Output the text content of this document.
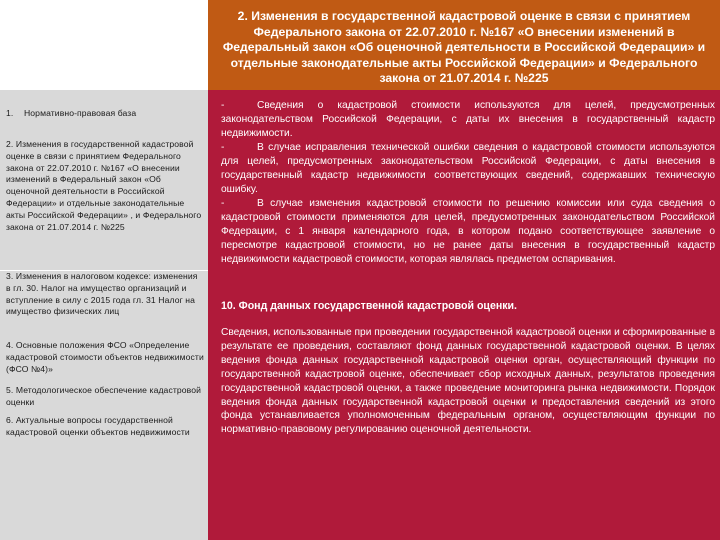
2. Изменения в государственной кадастровой оценке в связи с принятием Федерального закона от 22.07.2010 г. №167 «О внесении изменений в Федеральный закон «Об оценочной деятельности в Российской Федерации» и отдельные законодательные акты Российской Федерации» и Федерального закона от 21.07.2014 г. №225
1. Нормативно-правовая база
2. Изменения в государственной кадастровой оценке в связи с принятием Федерального закона от 22.07.2010 г. №167 «О внесении изменений в Федеральный закон «Об оценочной деятельности в Российской Федерации» и отдельные законодательные акты Российской Федерации» , и Федерального закона от 21.07.2014 г. №225
3. Изменения в налоговом кодексе: изменения в гл. 30. Налог на имущество организаций и вступление в силу с 2015 года гл. 31 Налог на имущество физических лиц
4. Основные положения ФСО «Определение кадастровой стоимости объектов недвижимости (ФСО №4)»
5. Методологическое обеспечение кадастровой оценки
6. Актуальные вопросы государственной кадастровой оценки объектов недвижимости
-	Сведения о кадастровой стоимости используются для целей, предусмотренных законодательством Российской Федерации, с даты их внесения в государственный кадастр недвижимости.
-	В случае исправления технической ошибки сведения о кадастровой стоимости используются для целей, предусмотренных законодательством Российской Федерации, с даты внесения в государственный кадастр недвижимости соответствующих сведений, содержавших техническую ошибку.
-	В случае изменения кадастровой стоимости по решению комиссии или суда сведения о кадастровой стоимости применяются для целей, предусмотренных законодательством Российской Федерации, с 1 января календарного года, в котором подано соответствующее заявление о пересмотре кадастровой стоимости, но не ранее даты внесения в государственный кадастр недвижимости кадастровой стоимости, которая являлась предметом оспаривания.
10. Фонд данных государственной кадастровой оценки.
Сведения, использованные при проведении государственной кадастровой оценки и сформированные в результате ее проведения, составляют фонд данных государственной кадастровой оценки. В целях ведения фонда данных государственной кадастровой оценки орган, осуществляющий функции по государственной кадастровой оценке, обеспечивает сбор исходных данных, результатов проведения государственной кадастровой оценки, а также проведение мониторинга рынка недвижимости. Порядок ведения фонда данных государственной кадастровой оценки и предоставления сведений из этого фонда устанавливается уполномоченным федеральным органом, осуществляющим функции по нормативно-правовому регулированию оценочной деятельности.
